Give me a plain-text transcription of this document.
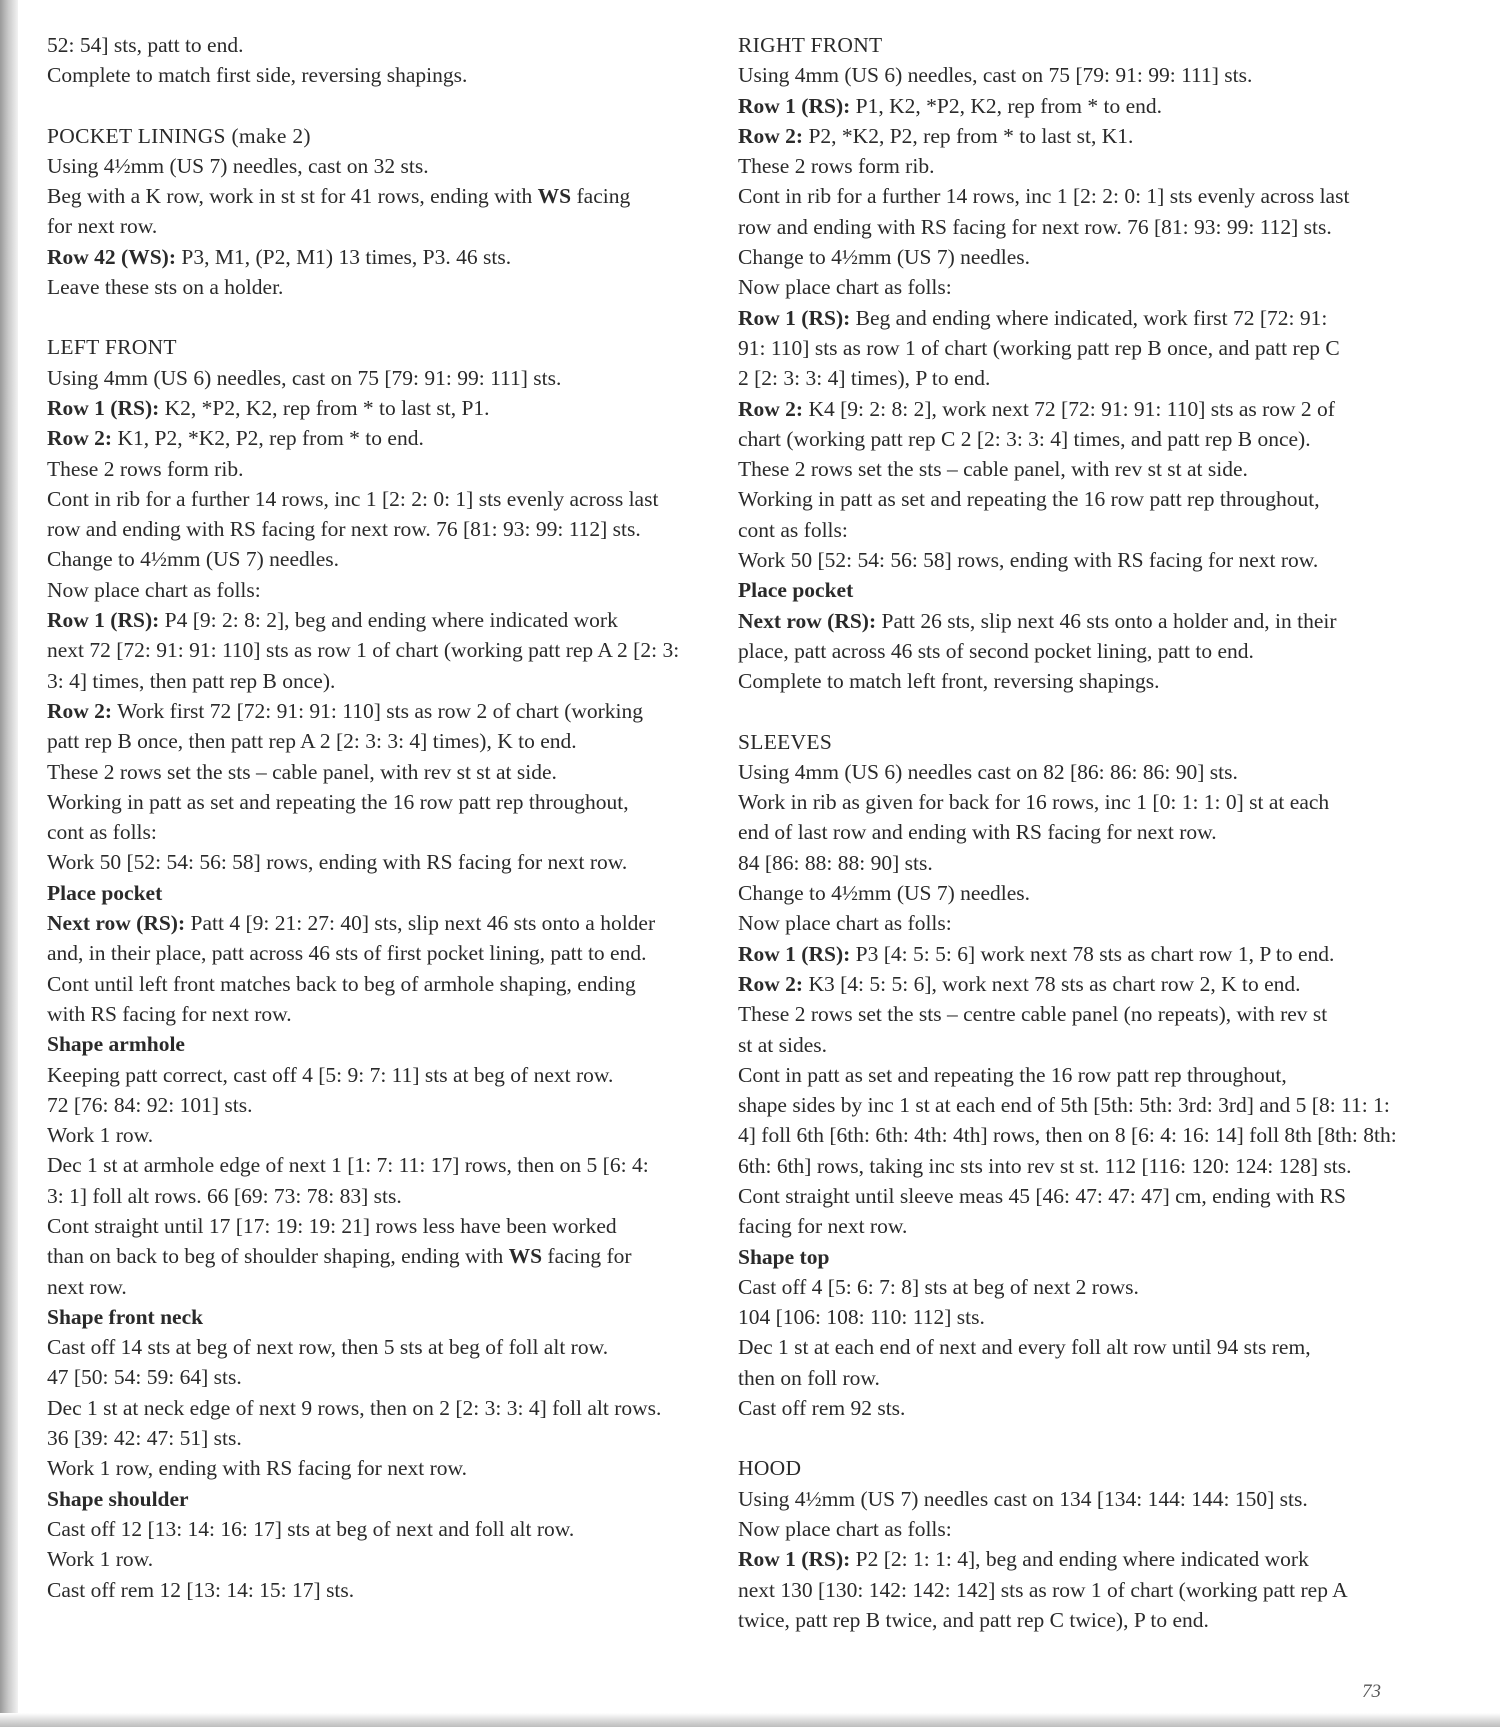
52: 54] sts, patt to end.
Complete to match first side, reversing shapings.
POCKET LININGS (make 2)
Using 4½mm (US 7) needles, cast on 32 sts.
Beg with a K row, work in st st for 41 rows, ending with WS facing
for next row.
Row 42 (WS): P3, M1, (P2, M1) 13 times, P3. 46 sts.
Leave these sts on a holder.
LEFT FRONT
Using 4mm (US 6) needles, cast on 75 [79: 91: 99: 111] sts.
Row 1 (RS): K2, *P2, K2, rep from * to last st, P1.
Row 2: K1, P2, *K2, P2, rep from * to end.
These 2 rows form rib.
Cont in rib for a further 14 rows, inc 1 [2: 2: 0: 1] sts evenly across last
row and ending with RS facing for next row. 76 [81: 93: 99: 112] sts.
Change to 4½mm (US 7) needles.
Now place chart as folls:
Row 1 (RS): P4 [9: 2: 8: 2], beg and ending where indicated work
next 72 [72: 91: 91: 110] sts as row 1 of chart (working patt rep A 2 [2: 3:
3: 4] times, then patt rep B once).
Row 2: Work first 72 [72: 91: 91: 110] sts as row 2 of chart (working
patt rep B once, then patt rep A 2 [2: 3: 3: 4] times), K to end.
These 2 rows set the sts – cable panel, with rev st st at side.
Working in patt as set and repeating the 16 row patt rep throughout,
cont as folls:
Work 50 [52: 54: 56: 58] rows, ending with RS facing for next row.
Place pocket
Next row (RS): Patt 4 [9: 21: 27: 40] sts, slip next 46 sts onto a holder
and, in their place, patt across 46 sts of first pocket lining, patt to end.
Cont until left front matches back to beg of armhole shaping, ending
with RS facing for next row.
Shape armhole
Keeping patt correct, cast off 4 [5: 9: 7: 11] sts at beg of next row.
72 [76: 84: 92: 101] sts.
Work 1 row.
Dec 1 st at armhole edge of next 1 [1: 7: 11: 17] rows, then on 5 [6: 4:
3: 1] foll alt rows. 66 [69: 73: 78: 83] sts.
Cont straight until 17 [17: 19: 19: 21] rows less have been worked
than on back to beg of shoulder shaping, ending with WS facing for
next row.
Shape front neck
Cast off 14 sts at beg of next row, then 5 sts at beg of foll alt row.
47 [50: 54: 59: 64] sts.
Dec 1 st at neck edge of next 9 rows, then on 2 [2: 3: 3: 4] foll alt rows.
36 [39: 42: 47: 51] sts.
Work 1 row, ending with RS facing for next row.
Shape shoulder
Cast off 12 [13: 14: 16: 17] sts at beg of next and foll alt row.
Work 1 row.
Cast off rem 12 [13: 14: 15: 17] sts.
RIGHT FRONT
Using 4mm (US 6) needles, cast on 75 [79: 91: 99: 111] sts.
Row 1 (RS): P1, K2, *P2, K2, rep from * to end.
Row 2: P2, *K2, P2, rep from * to last st, K1.
These 2 rows form rib.
Cont in rib for a further 14 rows, inc 1 [2: 2: 0: 1] sts evenly across last
row and ending with RS facing for next row. 76 [81: 93: 99: 112] sts.
Change to 4½mm (US 7) needles.
Now place chart as folls:
Row 1 (RS): Beg and ending where indicated, work first 72 [72: 91:
91: 110] sts as row 1 of chart (working patt rep B once, and patt rep C
2 [2: 3: 3: 4] times), P to end.
Row 2: K4 [9: 2: 8: 2], work next 72 [72: 91: 91: 110] sts as row 2 of
chart (working patt rep C 2 [2: 3: 3: 4] times, and patt rep B once).
These 2 rows set the sts – cable panel, with rev st st at side.
Working in patt as set and repeating the 16 row patt rep throughout,
cont as folls:
Work 50 [52: 54: 56: 58] rows, ending with RS facing for next row.
Place pocket
Next row (RS): Patt 26 sts, slip next 46 sts onto a holder and, in their
place, patt across 46 sts of second pocket lining, patt to end.
Complete to match left front, reversing shapings.
SLEEVES
Using 4mm (US 6) needles cast on 82 [86: 86: 86: 90] sts.
Work in rib as given for back for 16 rows, inc 1 [0: 1: 1: 0] st at each
end of last row and ending with RS facing for next row.
84 [86: 88: 88: 90] sts.
Change to 4½mm (US 7) needles.
Now place chart as folls:
Row 1 (RS): P3 [4: 5: 5: 6] work next 78 sts as chart row 1, P to end.
Row 2: K3 [4: 5: 5: 6], work next 78 sts as chart row 2, K to end.
These 2 rows set the sts – centre cable panel (no repeats), with rev st
st at sides.
Cont in patt as set and repeating the 16 row patt rep throughout,
shape sides by inc 1 st at each end of 5th [5th: 5th: 3rd: 3rd] and 5 [8: 11: 1:
4] foll 6th [6th: 6th: 4th: 4th] rows, then on 8 [6: 4: 16: 14] foll 8th [8th: 8th:
6th: 6th] rows, taking inc sts into rev st st. 112 [116: 120: 124: 128] sts.
Cont straight until sleeve meas 45 [46: 47: 47: 47] cm, ending with RS
facing for next row.
Shape top
Cast off 4 [5: 6: 7: 8] sts at beg of next 2 rows.
104 [106: 108: 110: 112] sts.
Dec 1 st at each end of next and every foll alt row until 94 sts rem,
then on foll row.
Cast off rem 92 sts.
HOOD
Using 4½mm (US 7) needles cast on 134 [134: 144: 144: 150] sts.
Now place chart as folls:
Row 1 (RS): P2 [2: 1: 1: 4], beg and ending where indicated work
next 130 [130: 142: 142: 142] sts as row 1 of chart (working patt rep A
twice, patt rep B twice, and patt rep C twice), P to end.
73
